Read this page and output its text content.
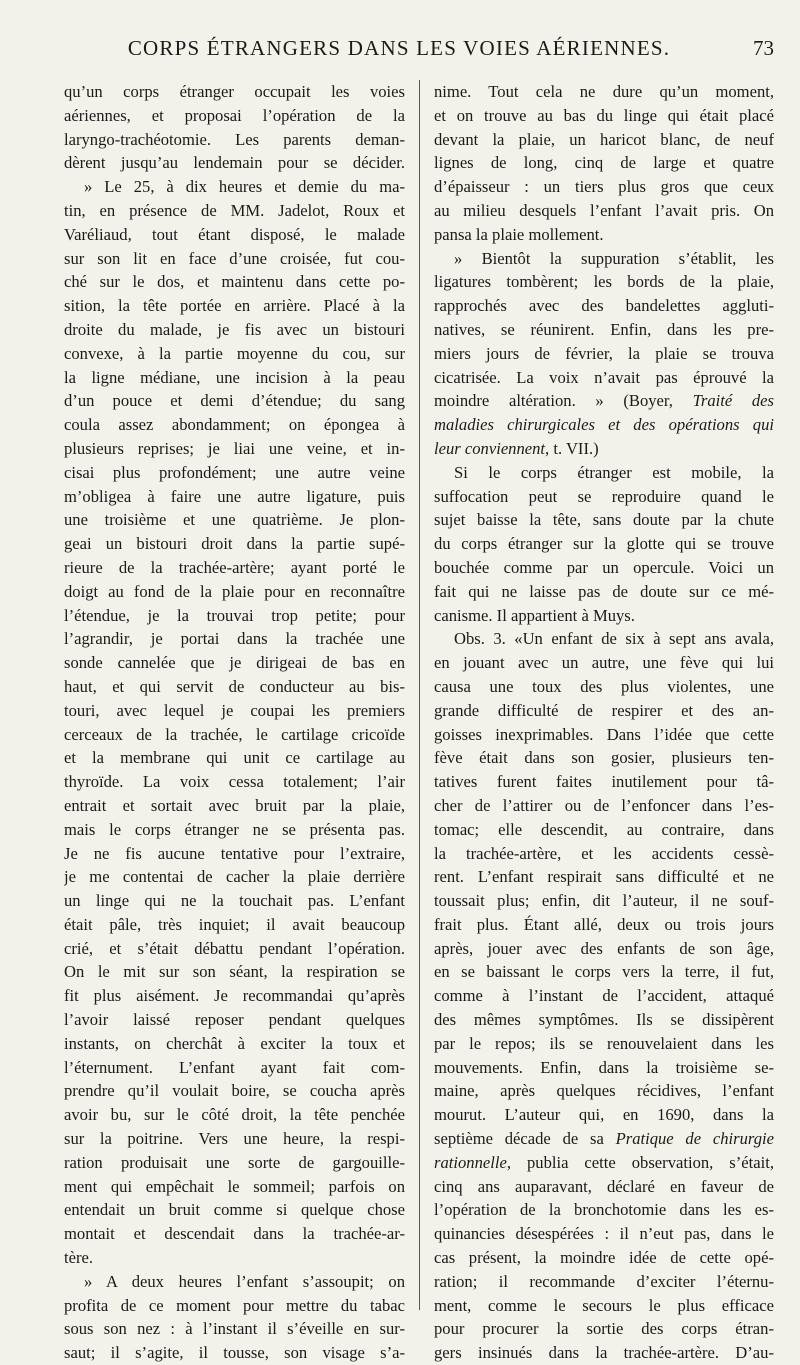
CORPS ÉTRANGERS DANS LES VOIES AÉRIENNES.	73
qu’un corps étranger occupait les voies
aériennes, et proposai l’opération de la
laryngo-trachéotomie. Les parents deman-
dèrent jusqu’au lendemain pour se décider.
» Le 25, à dix heures et demie du ma-
tin, en présence de MM. Jadelot, Roux et
Varéliaud, tout étant disposé, le malade
sur son lit en face d’une croisée, fut cou-
ché sur le dos, et maintenu dans cette po-
sition, la tête portée en arrière. Placé à la
droite du malade, je fis avec un bistouri
convexe, à la partie moyenne du cou, sur
la ligne médiane, une incision à la peau
d’un pouce et demi d’étendue; du sang
coula assez abondamment; on épongea à
plusieurs reprises; je liai une veine, et in-
cisai plus profondément; une autre veine
m’obligea à faire une autre ligature, puis
une troisième et une quatrième. Je plon-
geai un bistouri droit dans la partie supé-
rieure de la trachée-artère; ayant porté le
doigt au fond de la plaie pour en reconnaître
l’étendue, je la trouvai trop petite; pour
l’agrandir, je portai dans la trachée une
sonde cannelée que je dirigeai de bas en
haut, et qui servit de conducteur au bis-
touri, avec lequel je coupai les premiers
cerceaux de la trachée, le cartilage cricoïde
et la membrane qui unit ce cartilage au
thyroïde. La voix cessa totalement; l’air
entrait et sortait avec bruit par la plaie,
mais le corps étranger ne se présenta pas.
Je ne fis aucune tentative pour l’extraire,
je me contentai de cacher la plaie derrière
un linge qui ne la touchait pas. L’enfant
était pâle, très inquiet; il avait beaucoup
crié, et s’était débattu pendant l’opération.
On le mit sur son séant, la respiration se
fit plus aisément. Je recommandai qu’après
l’avoir laissé reposer pendant quelques
instants, on cherchât à exciter la toux et
l’éternument. L’enfant ayant fait com-
prendre qu’il voulait boire, se coucha après
avoir bu, sur le côté droit, la tête penchée
sur la poitrine. Vers une heure, la respi-
ration produisait une sorte de gargouille-
ment qui empêchait le sommeil; parfois on
entendait un bruit comme si quelque chose
montait et descendait dans la trachée-ar-
tère.
» A deux heures l’enfant s’assoupit; on
profita de ce moment pour mettre du tabac
sous son nez : à l’instant il s’éveille en sur-
saut; il s’agite, il tousse, son visage s’a-
nime. Tout cela ne dure qu’un moment,
et on trouve au bas du linge qui était placé
devant la plaie, un haricot blanc, de neuf
lignes de long, cinq de large et quatre
d’épaisseur : un tiers plus gros que ceux
au milieu desquels l’enfant l’avait pris. On
pansa la plaie mollement.
» Bientôt la suppuration s’établit, les
ligatures tombèrent; les bords de la plaie,
rapprochés avec des bandelettes aggluti-
natives, se réunirent. Enfin, dans les pre-
miers jours de février, la plaie se trouva
cicatrisée. La voix n’avait pas éprouvé la
moindre altération. » (Boyer, Traité des
maladies chirurgicales et des opérations qui
leur conviennent, t. VII.)
Si le corps étranger est mobile, la
suffocation peut se reproduire quand le
sujet baisse la tête, sans doute par la chute
du corps étranger sur la glotte qui se trouve
bouchée comme par un opercule. Voici un
fait qui ne laisse pas de doute sur ce mé-
canisme. Il appartient à Muys.
Obs. 3. «Un enfant de six à sept ans avala,
en jouant avec un autre, une fève qui lui
causa une toux des plus violentes, une
grande difficulté de respirer et des an-
goisses inexprimables. Dans l’idée que cette
fève était dans son gosier, plusieurs ten-
tatives furent faites inutilement pour tâ-
cher de l’attirer ou de l’enfoncer dans l’es-
tomac; elle descendit, au contraire, dans
la trachée-artère, et les accidents cessè-
rent. L’enfant respirait sans difficulté et ne
toussait plus; enfin, dit l’auteur, il ne souf-
frait plus. Étant allé, deux ou trois jours
après, jouer avec des enfants de son âge,
en se baissant le corps vers la terre, il fut,
comme à l’instant de l’accident, attaqué
des mêmes symptômes. Ils se dissipèrent
par le repos; ils se renouvelaient dans les
mouvements. Enfin, dans la troisième se-
maine, après quelques récidives, l’enfant
mourut. L’auteur qui, en 1690, dans la
septième décade de sa Pratique de chirurgie
rationnelle, publia cette observation, s’était,
cinq ans auparavant, déclaré en faveur de
l’opération de la bronchotomie dans les es-
quinancies désespérées : il n’eut pas, dans le
cas présent, la moindre idée de cette opé-
ration; il recommande d’exciter l’éternu-
ment, comme le secours le plus efficace
pour procurer la sortie des corps étran-
gers insinués dans la trachée-artère. D’au-
